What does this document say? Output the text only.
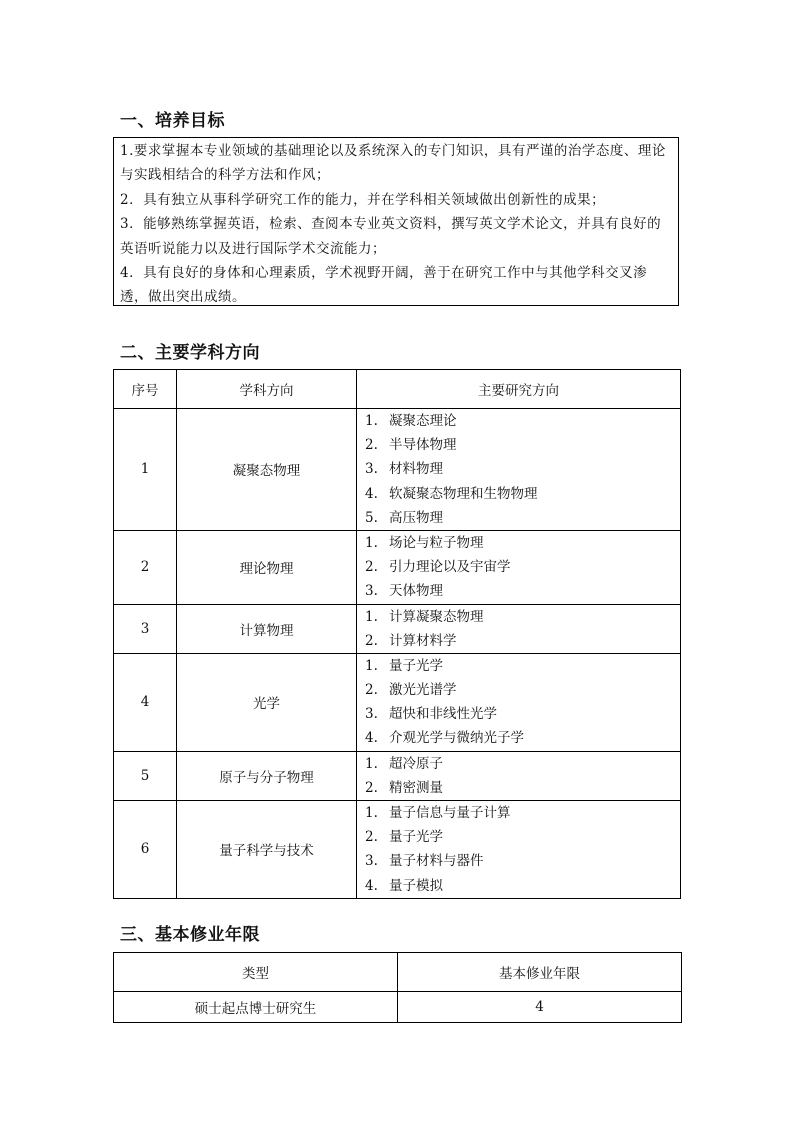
一、培养目标
1.要求掌握本专业领域的基础理论以及系统深入的专门知识，具有严谨的治学态度、理论与实践相结合的科学方法和作风；
2．具有独立从事科学研究工作的能力，并在学科相关领域做出创新性的成果；
3．能够熟练掌握英语，检索、查阅本专业英文资料，撰写英文学术论文，并具有良好的英语听说能力以及进行国际学术交流能力；
4．具有良好的身体和心理素质，学术视野开阔，善于在研究工作中与其他学科交叉渗透，做出突出成绩。
二、主要学科方向
序号	学科方向	主要研究方向
1	凝聚态物理	1. 凝聚态理论
2. 半导体物理
3. 材料物理
4. 软凝聚态物理和生物物理
5. 高压物理

2	理论物理	1. 场论与粒子物理
2. 引力理论以及宇宙学
3. 天体物理

3	计算物理	1. 计算凝聚态物理
2. 计算材料学

4	光学	1. 量子光学
2. 激光光谱学
3. 超快和非线性光学
4. 介观光学与微纳光子学

5	原子与分子物理	1. 超冷原子
2. 精密测量

6	量子科学与技术	1. 量子信息与量子计算
2. 量子光学
3. 量子材料与器件
4. 量子模拟
三、基本修业年限
类型	基本修业年限
硕士起点博士研究生	4
